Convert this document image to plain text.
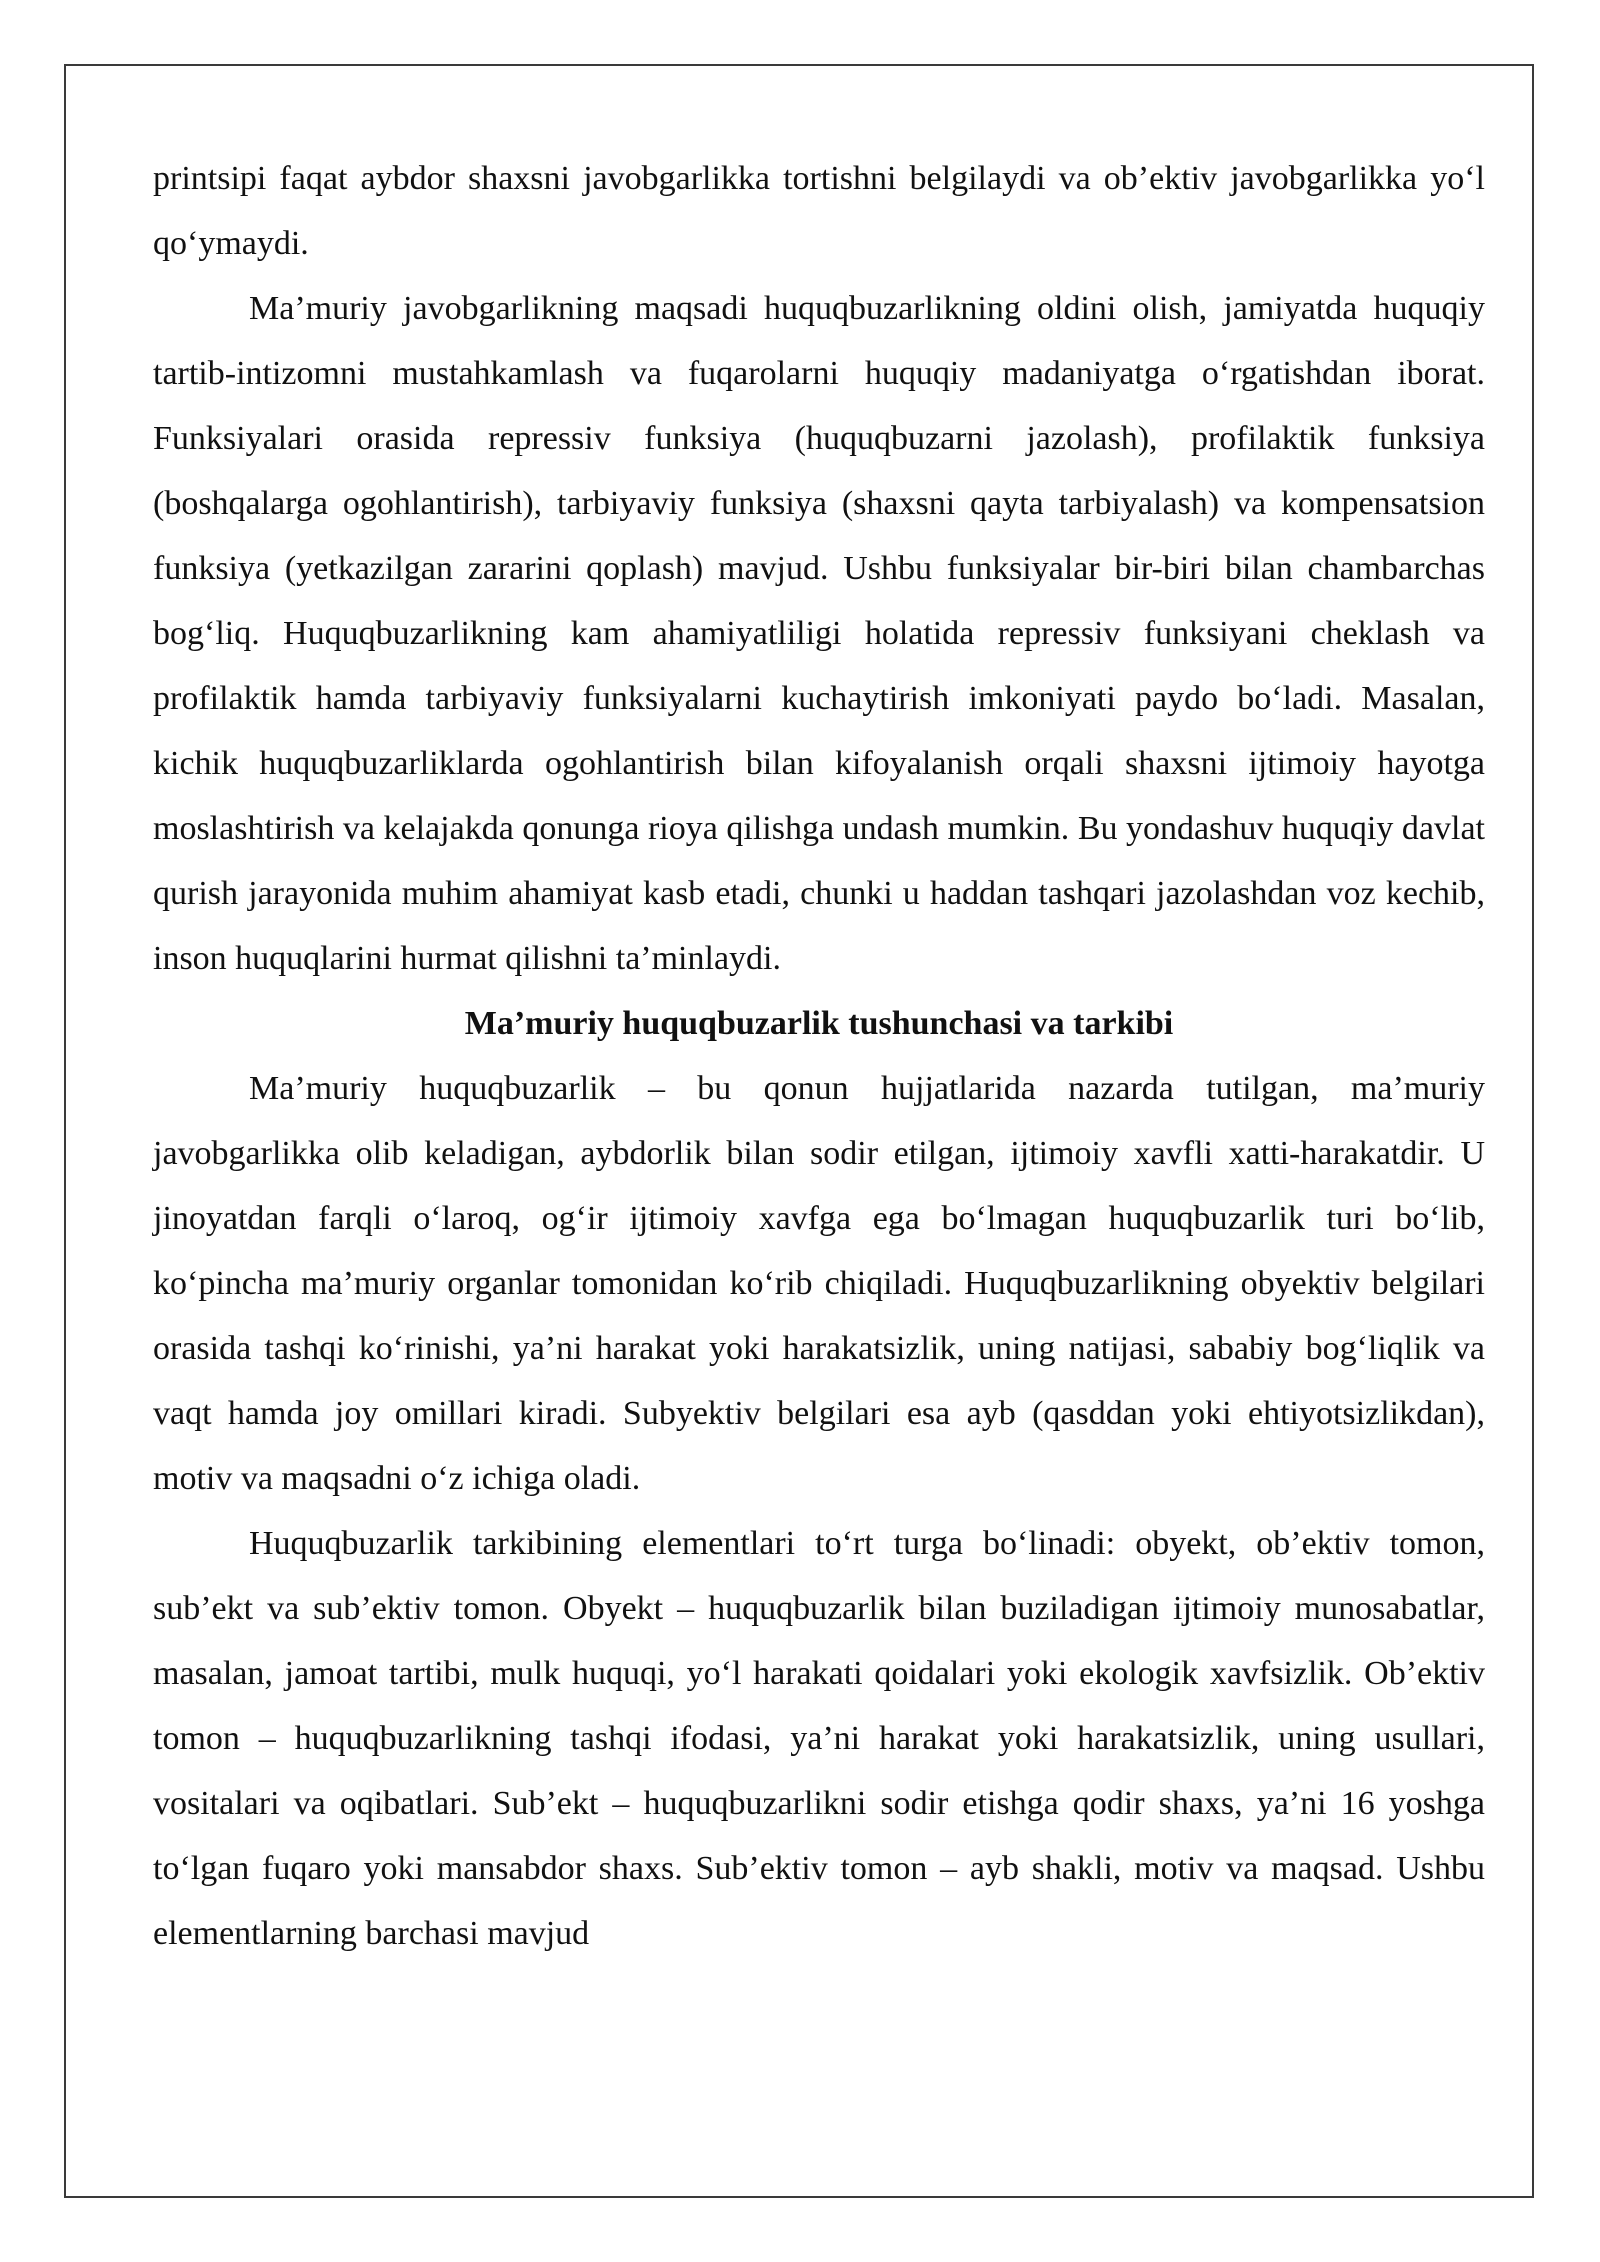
printsipi faqat aybdor shaxsni javobgarlikka tortishni belgilaydi va ob’ektiv javobgarlikka yo‘l qo‘ymaydi.

Ma’muriy javobgarlikning maqsadi huquqbuzarlikning oldini olish, jamiyatda huquqiy tartib-intizomni mustahkamlash va fuqarolarni huquqiy madaniyatga o‘rgatishdan iborat. Funksiyalari orasida repressiv funksiya (huquqbuzarni jazolash), profilaktik funksiya (boshqalarga ogohlantirish), tarbiyaviy funksiya (shaxsni qayta tarbiyalash) va kompensatsion funksiya (yetkazilgan zararini qoplash) mavjud. Ushbu funksiyalar bir-biri bilan chambarchas bog‘liq. Huquqbuzarlikning kam ahamiyatliligi holatida repressiv funksiyani cheklash va profilaktik hamda tarbiyaviy funksiyalarni kuchaytirish imkoniyati paydo bo‘ladi. Masalan, kichik huquqbuzarliklarda ogohlantirish bilan kifoyalanish orqali shaxsni ijtimoiy hayotga moslashtirish va kelajakda qonunga rioya qilishga undash mumkin. Bu yondashuv huquqiy davlat qurish jarayonida muhim ahamiyat kasb etadi, chunki u haddan tashqari jazolashdan voz kechib, inson huquqlarini hurmat qilishni ta’minlaydi.

Ma’muriy huquqbuzarlik tushunchasi va tarkibi

Ma’muriy huquqbuzarlik – bu qonun hujjatlarida nazarda tutilgan, ma’muriy javobgarlikka olib keladigan, aybdorlik bilan sodir etilgan, ijtimoiy xavfli xatti-harakatdir. U jinoyatdan farqli o‘laroq, og‘ir ijtimoiy xavfga ega bo‘lmagan huquqbuzarlik turi bo‘lib, ko‘pincha ma’muriy organlar tomonidan ko‘rib chiqiladi. Huquqbuzarlikning obyektiv belgilari orasida tashqi ko‘rinishi, ya’ni harakat yoki harakatsizlik, uning natijasi, sababiy bog‘liqlik va vaqt hamda joy omillari kiradi. Subyektiv belgilari esa ayb (qasddan yoki ehtiyotsizlikdan), motiv va maqsadni o‘z ichiga oladi.

Huquqbuzarlik tarkibining elementlari to‘rt turga bo‘linadi: obyekt, ob’ektiv tomon, sub’ekt va sub’ektiv tomon. Obyekt – huquqbuzarlik bilan buziladigan ijtimoiy munosabatlar, masalan, jamoat tartibi, mulk huquqi, yo‘l harakati qoidalari yoki ekologik xavfsizlik. Ob’ektiv tomon – huquqbuzarlikning tashqi ifodasi, ya’ni harakat yoki harakatsizlik, uning usullari, vositalari va oqibatlari. Sub’ekt – huquqbuzarlikni sodir etishga qodir shaxs, ya’ni 16 yoshga to‘lgan fuqaro yoki mansabdor shaxs. Sub’ektiv tomon – ayb shakli, motiv va maqsad. Ushbu elementlarning barchasi mavjud
